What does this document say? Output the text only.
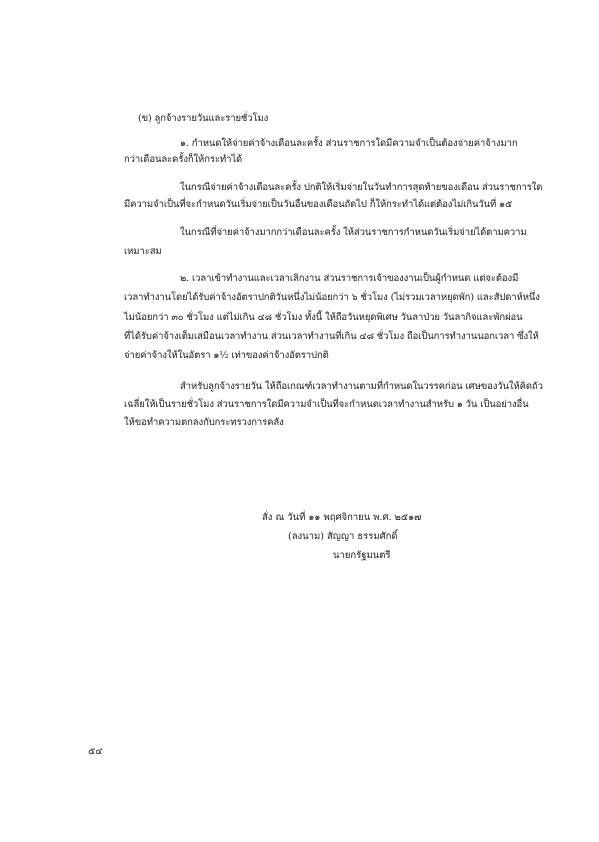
(ข) ลูกจ้างรายวันและรายชั่วโมง

๑. กำหนดให้จ่ายค่าจ้างเดือนละครั้ง ส่วนราชการใดมีความจำเป็นต้องจ่ายค่าจ้างมาก

กว่าเดือนละครั้งก็ให้กระทำได้

ในกรณีจ่ายค่าจ้างเดือนละครั้ง ปกติให้เริ่มจ่ายในวันทำการสุดท้ายของเดือน ส่วนราชการใด

มีความจำเป็นที่จะกำหนดวันเริ่มจ่ายเป็นวันอื่นของเดือนถัดไป ก็ให้กระทำได้แต่ต้องไม่เกินวันที่ ๑๕

ในกรณีที่จ่ายค่าจ้างมากกว่าเดือนละครั้ง ให้ส่วนราชการกำหนดวันเริ่มจ่ายได้ตามความ

เหมาะสม

๒. เวลาเข้าทำงานและเวลาเลิกงาน ส่วนราชการเจ้าของงานเป็นผู้กำหนด แต่จะต้องมี

เวลาทำงานโดยได้รับค่าจ้างอัตราปกติวันหนึ่งไม่น้อยกว่า ๖ ชั่วโมง (ไม่รวมเวลาหยุดพัก) และสัปดาห์หนึ่ง

ไม่น้อยกว่า ๓๐ ชั่วโมง แต่ไม่เกิน ๔๘ ชั่วโมง ทั้งนี้ ให้ถือวันหยุดพิเศษ วันลาป่วย วันลากิจและพักผ่อน

ที่ได้รับค่าจ้างเต็มเสมือนเวลาทำงาน ส่วนเวลาทำงานที่เกิน ๔๘ ชั่วโมง ถือเป็นการทำงานนอกเวลา ซึ่งให้

จ่ายค่าจ้างให้ในอัตรา ๑½ เท่าของค่าจ้างอัตราปกติ

สำหรับลูกจ้างรายวัน ให้ถือเกณฑ์เวลาทำงานตามที่กำหนดในวรรคก่อน เศษของวันให้คิดถัว

เฉลี่ยให้เป็นรายชั่วโมง ส่วนราชการใดมีความจำเป็นที่จะกำหนดเวลาทำงานสำหรับ ๑ วัน เป็นอย่างอื่น

ให้ขอทำความตกลงกับกระทรวงการคลัง

สั่ง ณ วันที่ ๑๑ พฤศจิกายน พ.ศ. ๒๕๑๗

(ลงนาม) สัญญา ธรรมศักดิ์

นายกรัฐมนตรี

๕๔
